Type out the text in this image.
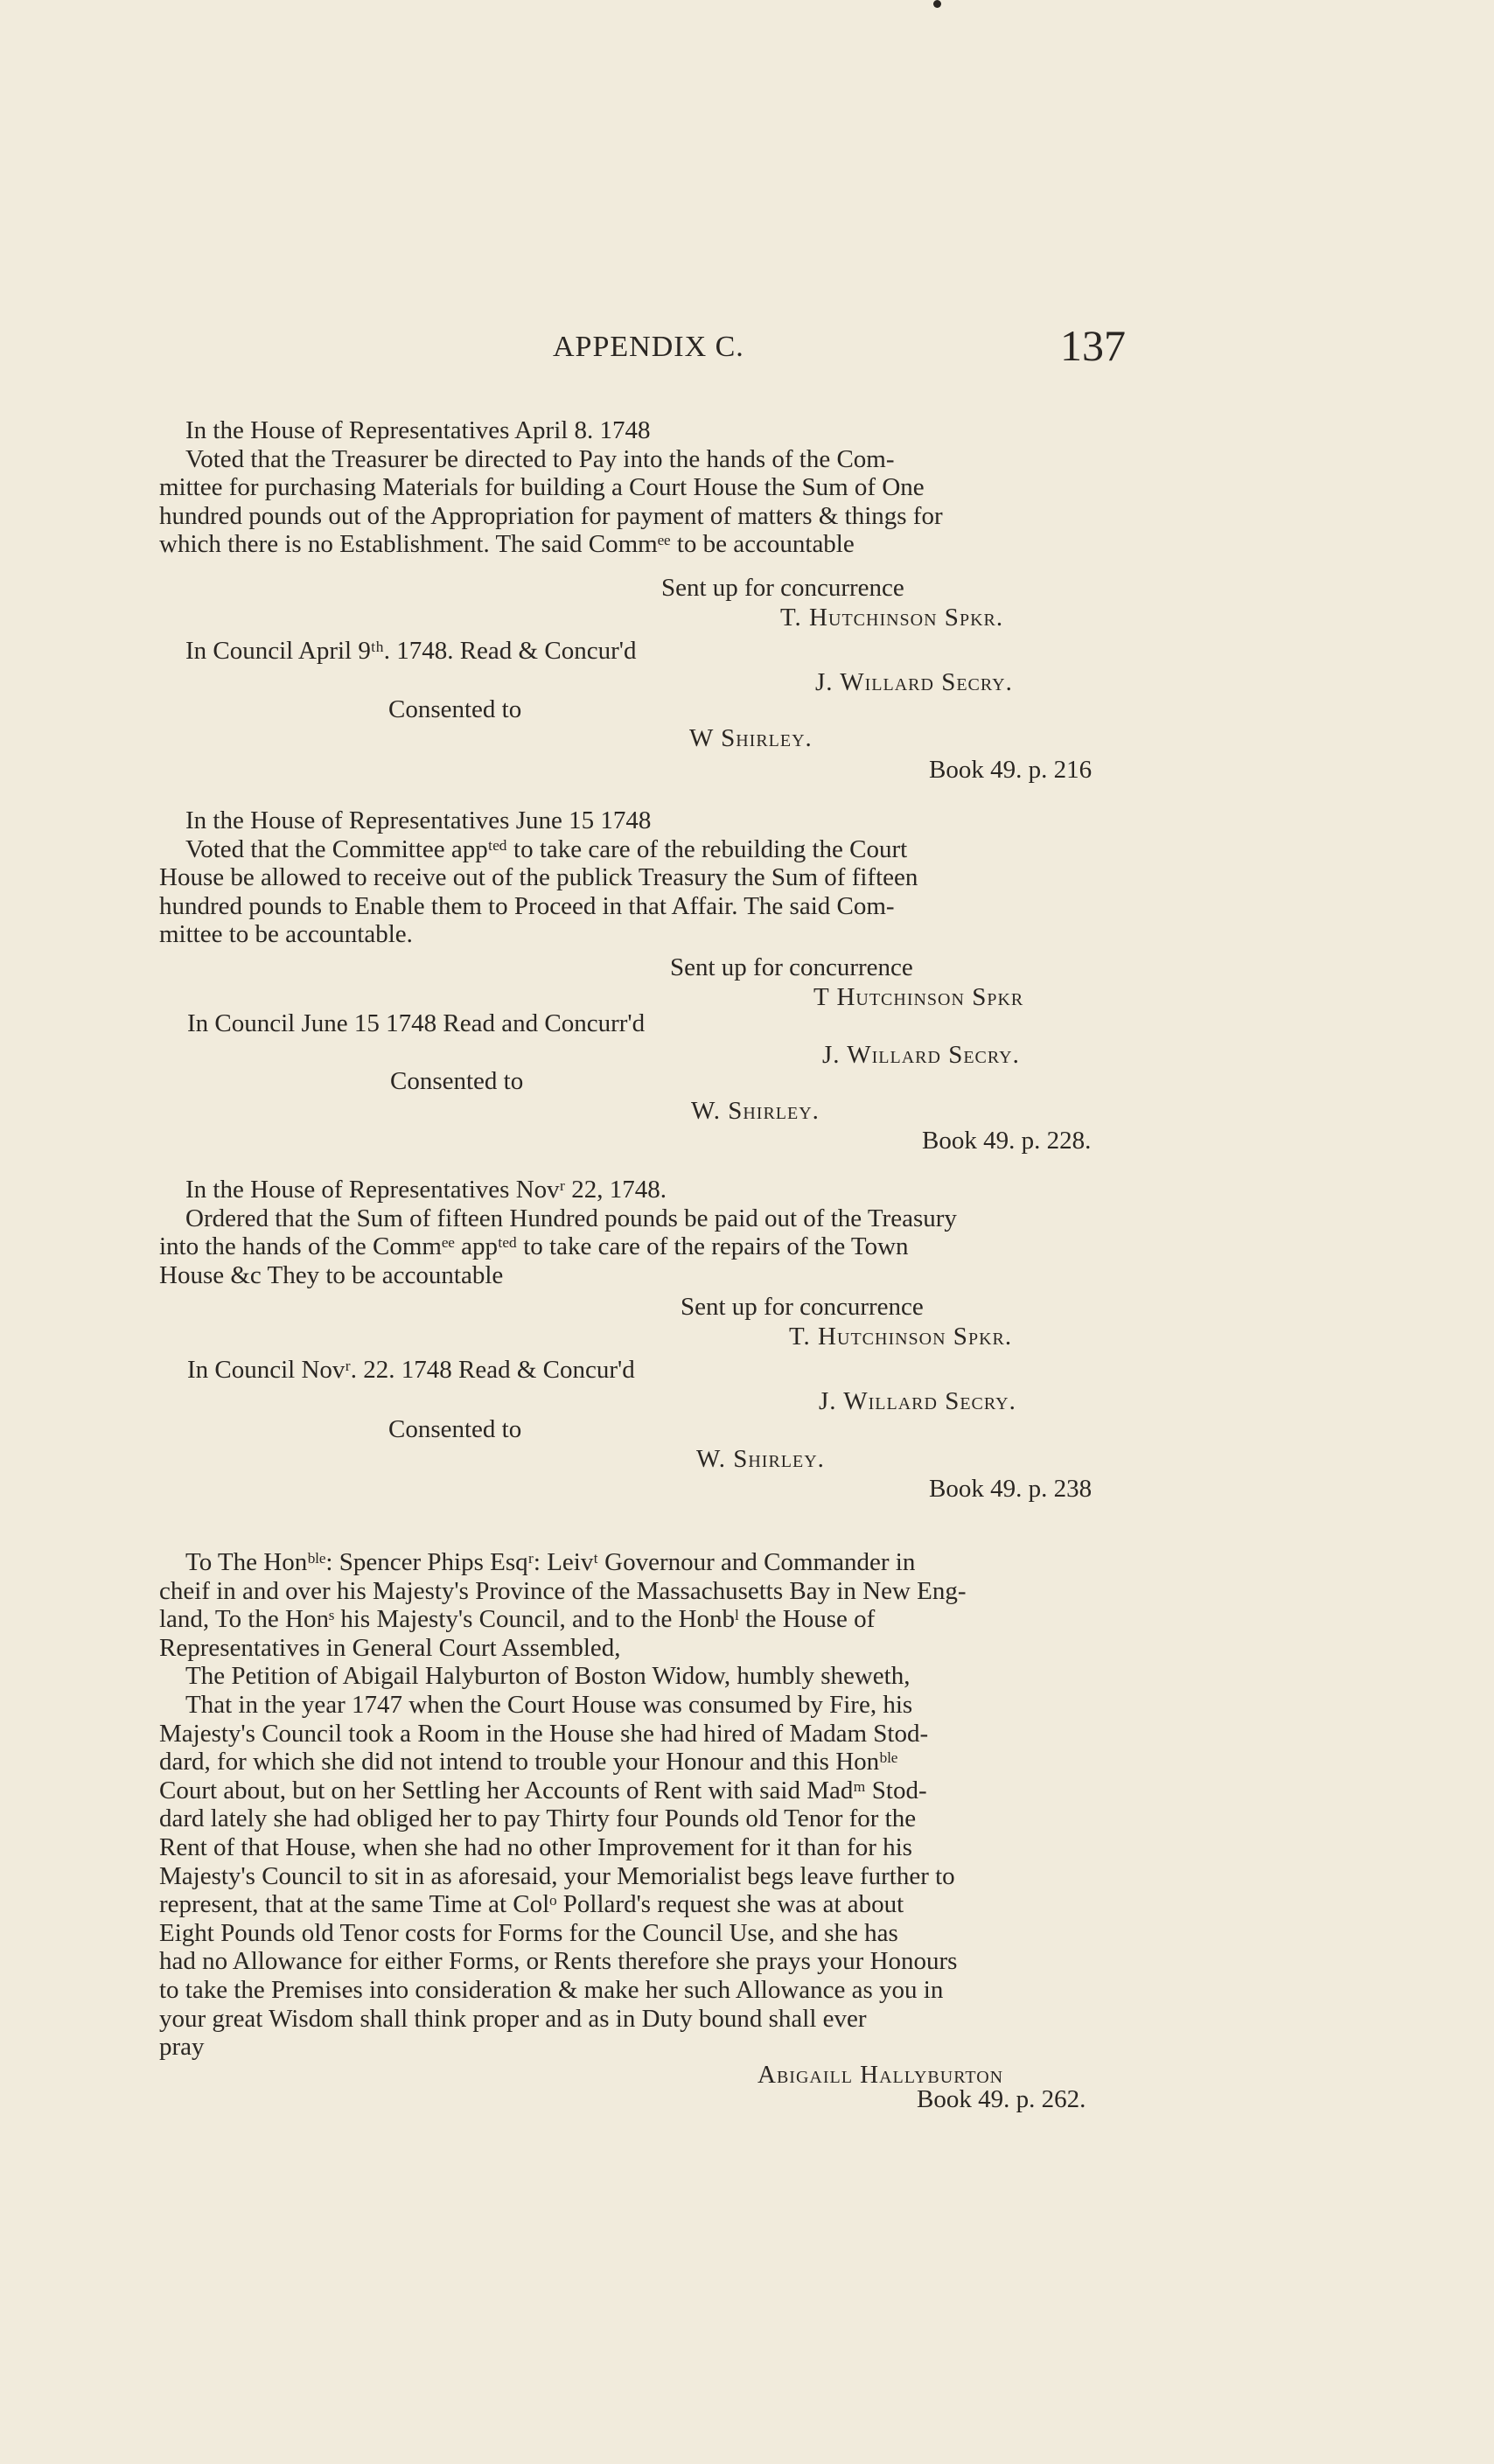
APPENDIX C.	137
In the House of Representatives April 8. 1748
Voted that the Treasurer be directed to Pay into the hands of the Com-
mittee for purchasing Materials for building a Court House the Sum of One
hundred pounds out of the Appropriation for payment of matters & things for
which there is no Establishment. The said Commᵉᵉ to be accountable
Sent up for concurrence
T. Hutchinson Spkr.
In Council April 9ᵗʰ. 1748. Read & Concur'd
J. Willard Secry.
Consented to
W Shirley.
Book 49. p. 216
In the House of Representatives June 15 1748
Voted that the Committee appᵗᵉᵈ to take care of the rebuilding the Court
House be allowed to receive out of the publick Treasury the Sum of fifteen
hundred pounds to Enable them to Proceed in that Affair. The said Com-
mittee to be accountable.
Sent up for concurrence
T Hutchinson Spkr
In Council June 15 1748 Read and Concurr'd
J. Willard Secry.
Consented to
W. Shirley.
Book 49. p. 228.
In the House of Representatives Novʳ 22, 1748.
Ordered that the Sum of fifteen Hundred pounds be paid out of the Treasury
into the hands of the Commᵉᵉ appᵗᵉᵈ to take care of the repairs of the Town
House &c They to be accountable
Sent up for concurrence
T. Hutchinson Spkr.
In Council Novʳ. 22. 1748 Read & Concur'd
J. Willard Secry.
Consented to
W. Shirley.
Book 49. p. 238
To The Honᵇˡᵉ: Spencer Phips Esqʳ: Leivᵗ Governour and Commander in
cheif in and over his Majesty's Province of the Massachusetts Bay in New Eng-
land, To the Honˢ his Majesty's Council, and to the Honbˡ the House of
Representatives in General Court Assembled,
The Petition of Abigail Halyburton of Boston Widow, humbly sheweth,
That in the year 1747 when the Court House was consumed by Fire, his
Majesty's Council took a Room in the House she had hired of Madam Stod-
dard, for which she did not intend to trouble your Honour and this Honᵇˡᵉ
Court about, but on her Settling her Accounts of Rent with said Madᵐ Stod-
dard lately she had obliged her to pay Thirty four Pounds old Tenor for the
Rent of that House, when she had no other Improvement for it than for his
Majesty's Council to sit in as aforesaid, your Memorialist begs leave further to
represent, that at the same Time at Colᵒ Pollard's request she was at about
Eight Pounds old Tenor costs for Forms for the Council Use, and she has
had no Allowance for either Forms, or Rents therefore she prays your Honours
to take the Premises into consideration & make her such Allowance as you in
your great Wisdom shall think proper and as in Duty bound shall ever
pray
Abigaill Hallyburton
Book 49. p. 262.
